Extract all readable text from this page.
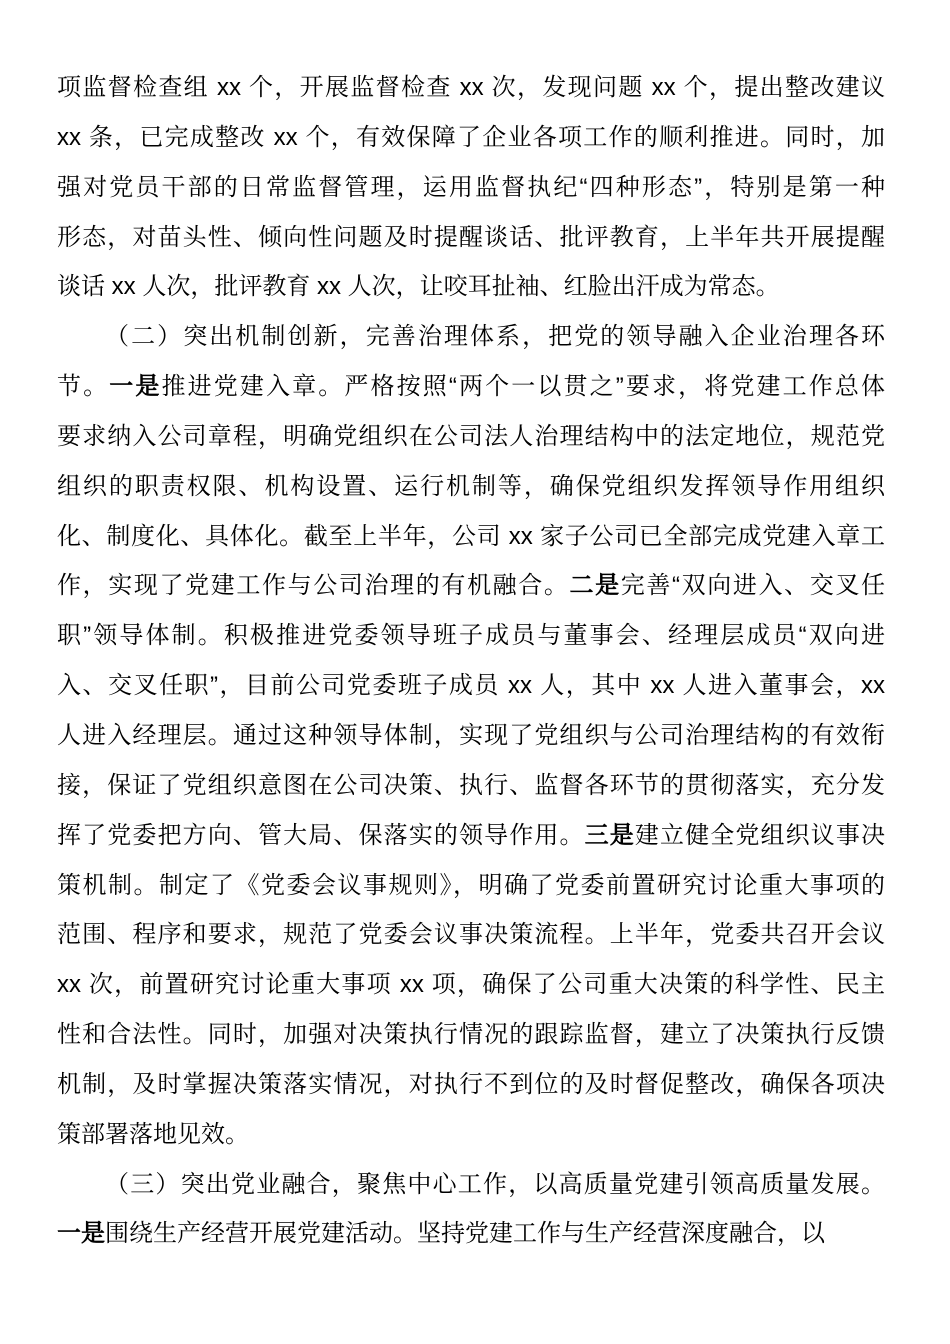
项监督检查组 xx 个，开展监督检查 xx 次，发现问题 xx 个，提出整改建议
xx 条，已完成整改 xx 个，有效保障了企业各项工作的顺利推进。同时，加
强对党员干部的日常监督管理，运用监督执纪“四种形态”，特别是第一种
形态，对苗头性、倾向性问题及时提醒谈话、批评教育，上半年共开展提醒
谈话 xx 人次，批评教育 xx 人次，让咬耳扯袖、红脸出汗成为常态。
（二）突出机制创新，完善治理体系，把党的领导融入企业治理各环
节。一是推进党建入章。严格按照“两个一以贯之”要求，将党建工作总体
要求纳入公司章程，明确党组织在公司法人治理结构中的法定地位，规范党
组织的职责权限、机构设置、运行机制等，确保党组织发挥领导作用组织
化、制度化、具体化。截至上半年，公司 xx 家子公司已全部完成党建入章工
作，实现了党建工作与公司治理的有机融合。二是完善“双向进入、交叉任
职”领导体制。积极推进党委领导班子成员与董事会、经理层成员“双向进
入、交叉任职”，目前公司党委班子成员 xx 人，其中 xx 人进入董事会，xx
人进入经理层。通过这种领导体制，实现了党组织与公司治理结构的有效衔
接，保证了党组织意图在公司决策、执行、监督各环节的贯彻落实，充分发
挥了党委把方向、管大局、保落实的领导作用。三是建立健全党组织议事决
策机制。制定了《党委会议事规则》，明确了党委前置研究讨论重大事项的
范围、程序和要求，规范了党委会议事决策流程。上半年，党委共召开会议
xx 次，前置研究讨论重大事项 xx 项，确保了公司重大决策的科学性、民主
性和合法性。同时，加强对决策执行情况的跟踪监督，建立了决策执行反馈
机制，及时掌握决策落实情况，对执行不到位的及时督促整改，确保各项决
策部署落地见效。
（三）突出党业融合，聚焦中心工作，以高质量党建引领高质量发展。
一是围绕生产经营开展党建活动。坚持党建工作与生产经营深度融合，以
